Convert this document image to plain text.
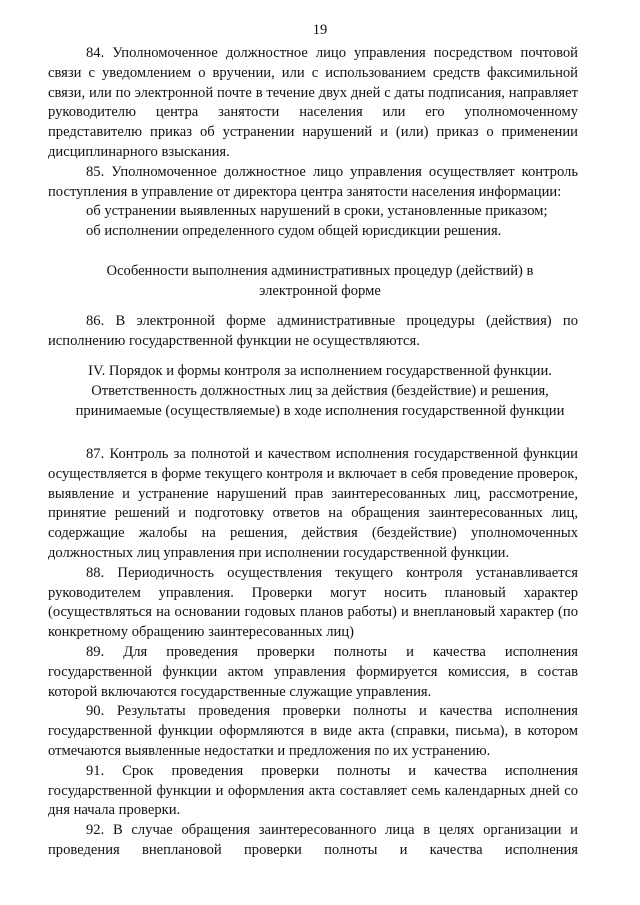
19

84. Уполномоченное должностное лицо управления посредством почтовой связи с уведомлением о вручении, или с использованием средств факсимильной связи, или по электронной почте в течение двух дней с даты подписания, направляет руководителю центра занятости населения или его уполномоченному представителю приказ об устранении нарушений и (или) приказ о применении дисциплинарного взыскания.

85. Уполномоченное должностное лицо управления осуществляет контроль поступления в управление от директора центра занятости населения информации:

об устранении выявленных нарушений в сроки, установленные приказом;

об исполнении определенного судом общей юрисдикции решения.

Особенности выполнения административных процедур (действий) в электронной форме
86. В электронной форме административные процедуры (действия) по исполнению государственной функции не осуществляются.
IV. Порядок и формы контроля за исполнением государственной функции. Ответственность должностных лиц за действия (бездействие) и решения, принимаемые (осуществляемые) в ходе исполнения государственной функции

87. Контроль за полнотой и качеством исполнения государственной функции осуществляется в форме текущего контроля и включает в себя проведение проверок, выявление и устранение нарушений прав заинтересованных лиц, рассмотрение, принятие решений и подготовку ответов на обращения заинтересованных лиц, содержащие жалобы на решения, действия (бездействие) уполномоченных должностных лиц управления при исполнении государственной функции.

88. Периодичность осуществления текущего контроля устанавливается руководителем управления. Проверки могут носить плановый характер (осуществляться на основании годовых планов работы) и внеплановый характер (по конкретному обращению заинтересованных лиц)

89. Для проведения проверки полноты и качества исполнения государственной функции актом управления формируется комиссия, в состав которой включаются государственные служащие управления.

90. Результаты проведения проверки полноты и качества исполнения государственной функции оформляются в виде акта (справки, письма), в котором отмечаются выявленные недостатки и предложения по их устранению.

91. Срок проведения проверки полноты и качества исполнения государственной функции и оформления акта составляет семь календарных дней со дня начала проверки.

92. В случае обращения заинтересованного лица в целях организации и проведения внеплановой проверки полноты и качества исполнения
